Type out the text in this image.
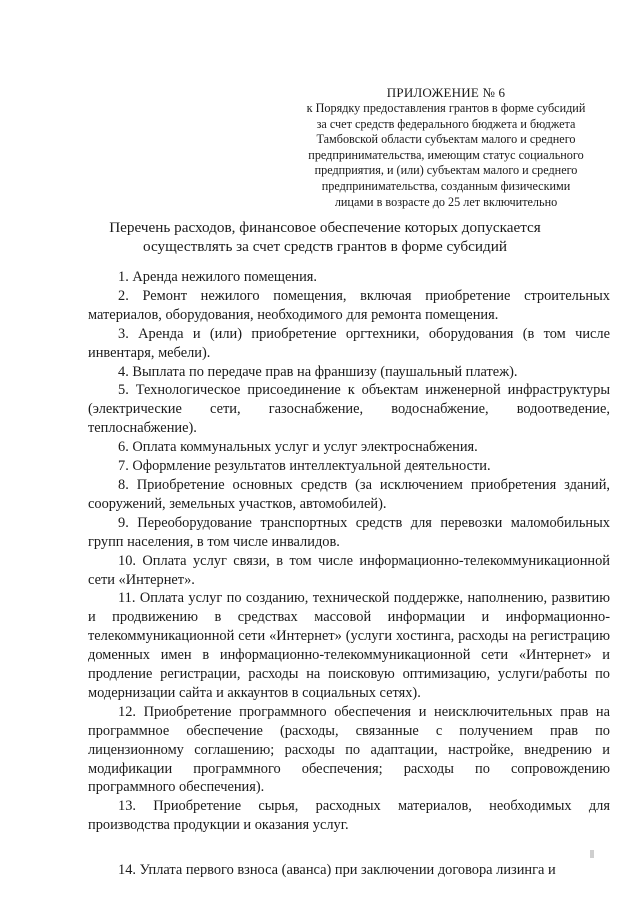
ПРИЛОЖЕНИЕ № 6
к Порядку предоставления грантов в форме субсидий
за счет средств федерального бюджета и бюджета
Тамбовской области субъектам малого и среднего
предпринимательства, имеющим статус социального
предприятия, и (или) субъектам малого и среднего
предпринимательства, созданным физическими
лицами в возрасте до 25 лет включительно
Перечень расходов, финансовое обеспечение которых допускается
осуществлять за счет средств грантов в форме субсидий

1. Аренда нежилого помещения.

2. Ремонт нежилого помещения, включая приобретение строительных материалов, оборудования, необходимого для ремонта помещения.

3. Аренда и (или) приобретение оргтехники, оборудования (в том числе инвентаря, мебели).

4. Выплата по передаче прав на франшизу (паушальный платеж).

5. Технологическое присоединение к объектам инженерной инфраструктуры (электрические сети, газоснабжение, водоснабжение, водоотведение, теплоснабжение).

6. Оплата коммунальных услуг и услуг электроснабжения.

7. Оформление результатов интеллектуальной деятельности.

8. Приобретение основных средств (за исключением приобретения зданий, сооружений, земельных участков, автомобилей).

9. Переоборудование транспортных средств для перевозки маломобильных групп населения, в том числе инвалидов.

10. Оплата услуг связи, в том числе информационно-телекоммуникационной сети «Интернет».

11. Оплата услуг по созданию, технической поддержке, наполнению, развитию и продвижению в средствах массовой информации и информационно-телекоммуникационной сети «Интернет» (услуги хостинга, расходы на регистрацию доменных имен в информационно-телекоммуникационной сети «Интернет» и продление регистрации, расходы на поисковую оптимизацию, услуги/работы по модернизации сайта и аккаунтов в социальных сетях).

12. Приобретение программного обеспечения и неисключительных прав на программное обеспечение (расходы, связанные с получением прав по лицензионному соглашению; расходы по адаптации, настройке, внедрению и модификации программного обеспечения; расходы по сопровождению программного обеспечения).

13. Приобретение сырья, расходных материалов, необходимых для производства продукции и оказания услуг.

14. Уплата первого взноса (аванса) при заключении договора лизинга и
